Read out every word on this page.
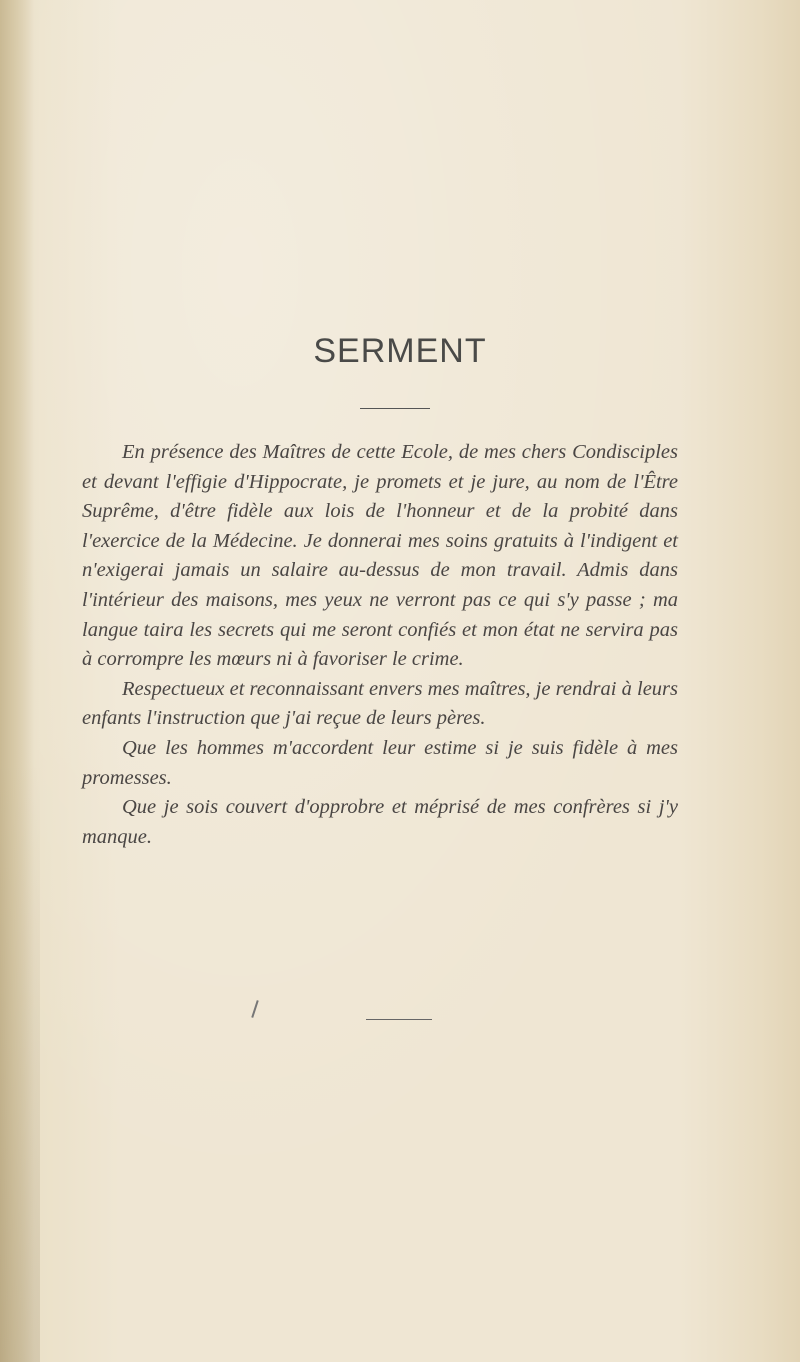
SERMENT

En présence des Maîtres de cette Ecole, de mes chers Condisciples et devant l'effigie d'Hippocrate, je promets et je jure, au nom de l'Être Suprême, d'être fidèle aux lois de l'honneur et de la probité dans l'exercice de la Médecine. Je donnerai mes soins gratuits à l'indigent et n'exigerai jamais un salaire au-dessus de mon travail. Admis dans l'intérieur des maisons, mes yeux ne verront pas ce qui s'y passe ; ma langue taira les secrets qui me seront confiés et mon état ne servira pas à corrompre les mœurs ni à favoriser le crime.

Respectueux et reconnaissant envers mes maîtres, je rendrai à leurs enfants l'instruction que j'ai reçue de leurs pères.

Que les hommes m'accordent leur estime si je suis fidèle à mes promesses.

Que je sois couvert d'opprobre et méprisé de mes confrères si j'y manque.
